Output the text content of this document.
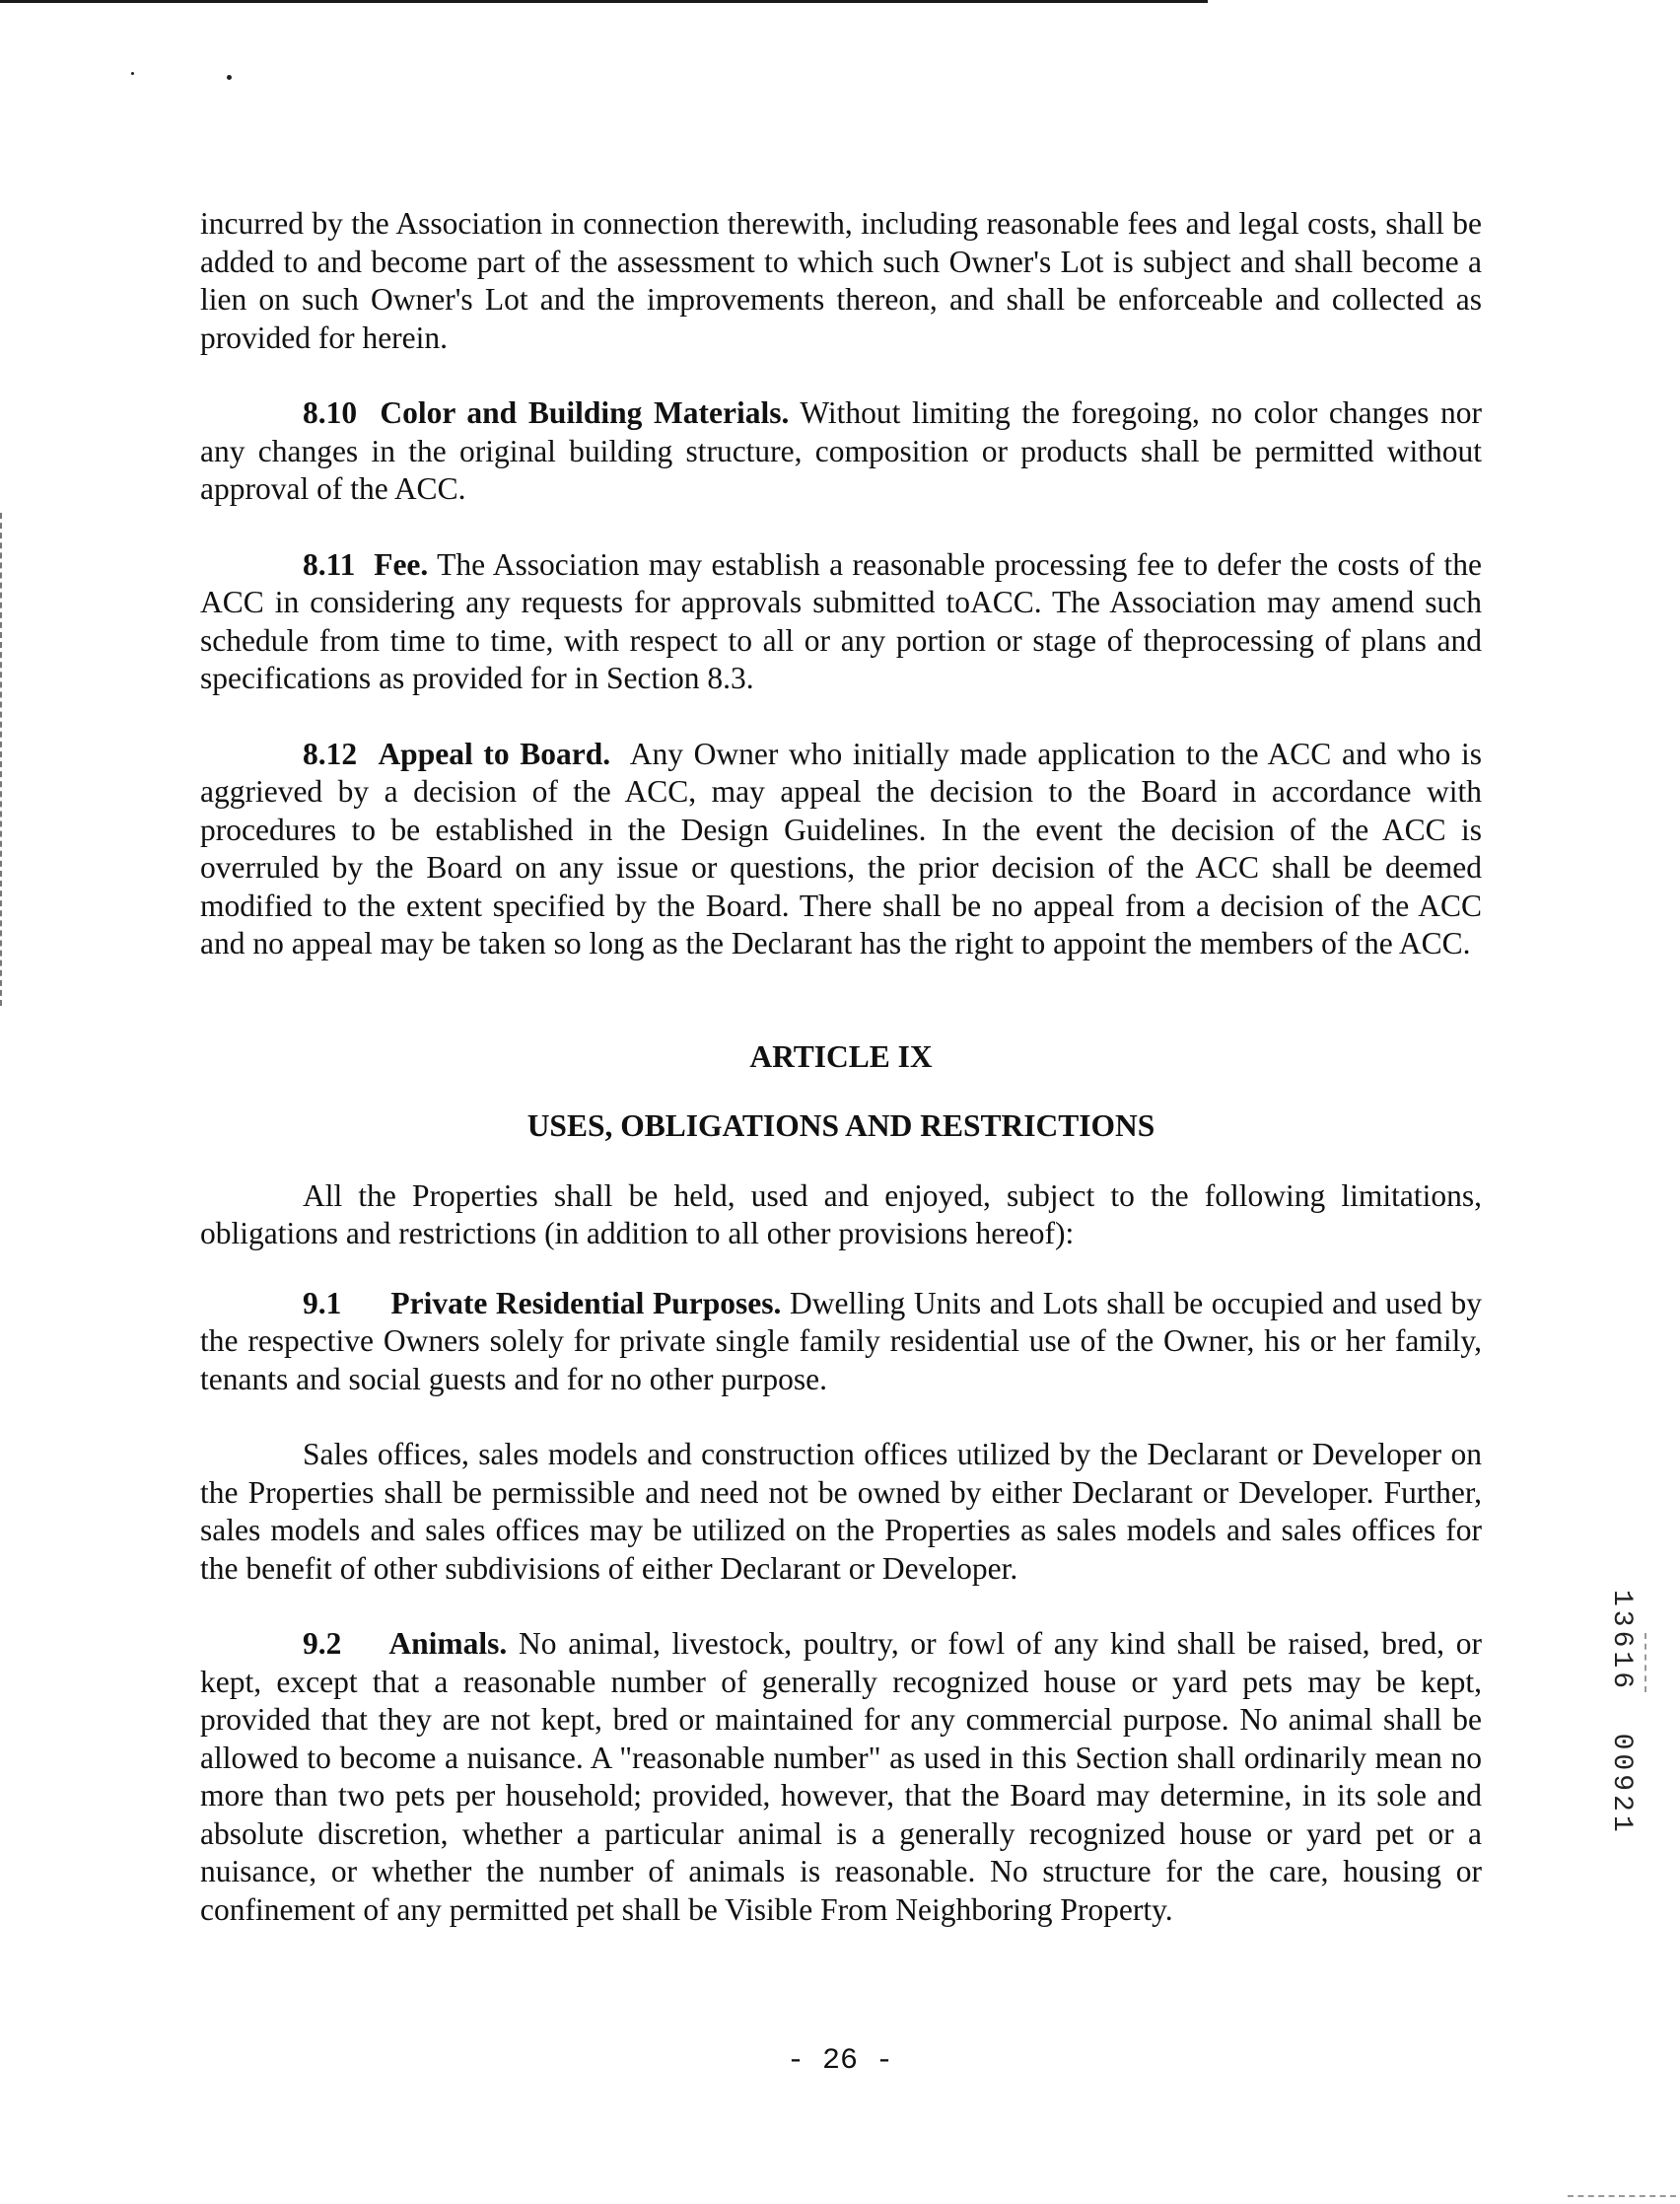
incurred by the Association in connection therewith, including reasonable fees and legal costs, shall be added to and become part of the assessment to which such Owner's Lot is subject and shall become a lien on such Owner's Lot and the improvements thereon, and shall be enforceable and collected as provided for herein.

8.10 Color and Building Materials. Without limiting the foregoing, no color changes nor any changes in the original building structure, composition or products shall be permitted without approval of the ACC.

8.11 Fee. The Association may establish a reasonable processing fee to defer the costs of the ACC in considering any requests for approvals submitted toACC. The Association may amend such schedule from time to time, with respect to all or any portion or stage of theprocessing of plans and specifications as provided for in Section 8.3.

8.12 Appeal to Board. Any Owner who initially made application to the ACC and who is aggrieved by a decision of the ACC, may appeal the decision to the Board in accordance with procedures to be established in the Design Guidelines. In the event the decision of the ACC is overruled by the Board on any issue or questions, the prior decision of the ACC shall be deemed modified to the extent specified by the Board. There shall be no appeal from a decision of the ACC and no appeal may be taken so long as the Declarant has the right to appoint the members of the ACC.

ARTICLE IX

USES, OBLIGATIONS AND RESTRICTIONS

All the Properties shall be held, used and enjoyed, subject to the following limitations, obligations and restrictions (in addition to all other provisions hereof):

9.1 Private Residential Purposes. Dwelling Units and Lots shall be occupied and used by the respective Owners solely for private single family residential use of the Owner, his or her family, tenants and social guests and for no other purpose.

Sales offices, sales models and construction offices utilized by the Declarant or Developer on the Properties shall be permissible and need not be owned by either Declarant or Developer. Further, sales models and sales offices may be utilized on the Properties as sales models and sales offices for the benefit of other subdivisions of either Declarant or Developer.

9.2 Animals. No animal, livestock, poultry, or fowl of any kind shall be raised, bred, or kept, except that a reasonable number of generally recognized house or yard pets may be kept, provided that they are not kept, bred or maintained for any commercial purpose. No animal shall be allowed to become a nuisance. A "reasonable number" as used in this Section shall ordinarily mean no more than two pets per household; provided, however, that the Board may determine, in its sole and absolute discretion, whether a particular animal is a generally recognized house or yard pet or a nuisance, or whether the number of animals is reasonable. No structure for the care, housing or confinement of any permitted pet shall be Visible From Neighboring Property.

- 26 -
13616  00921
